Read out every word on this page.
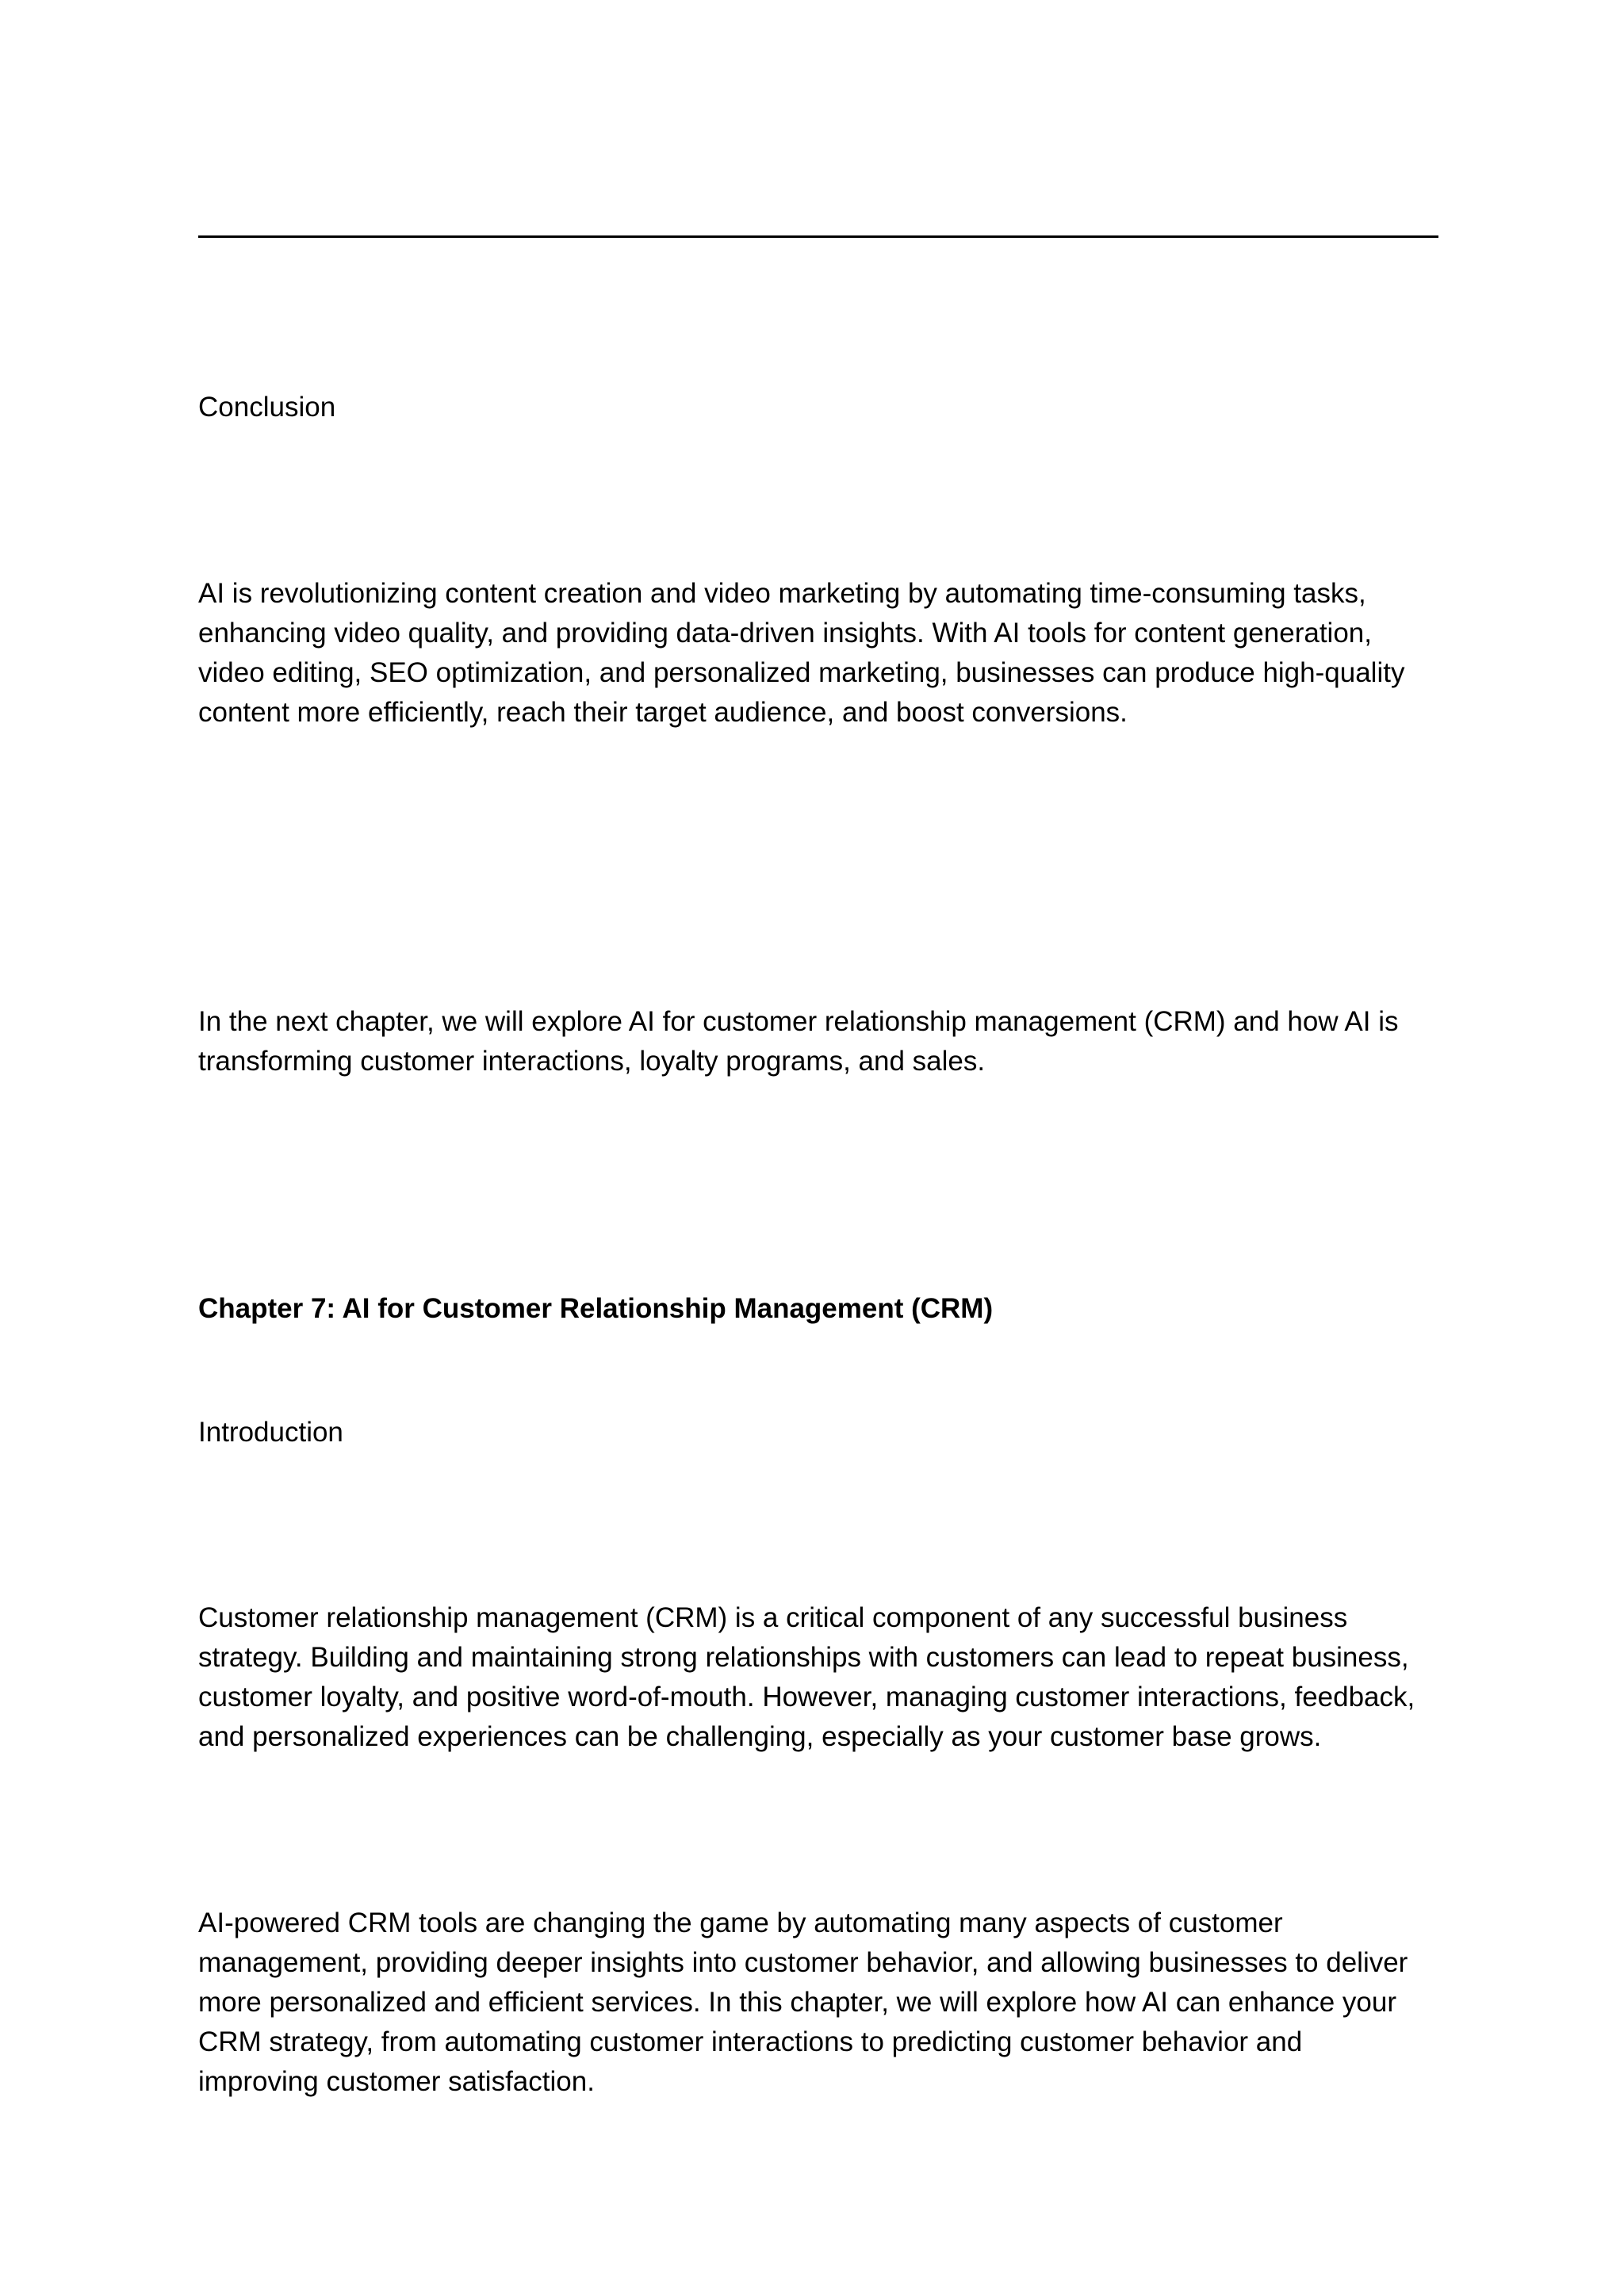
Conclusion
AI is revolutionizing content creation and video marketing by automating time-consuming tasks,
enhancing video quality, and providing data-driven insights. With AI tools for content generation,
video editing, SEO optimization, and personalized marketing, businesses can produce high-quality
content more efficiently, reach their target audience, and boost conversions.
In the next chapter, we will explore AI for customer relationship management (CRM) and how AI is
transforming customer interactions, loyalty programs, and sales.
Chapter 7: AI for Customer Relationship Management (CRM)
Introduction
Customer relationship management (CRM) is a critical component of any successful business
strategy. Building and maintaining strong relationships with customers can lead to repeat business,
customer loyalty, and positive word-of-mouth. However, managing customer interactions, feedback,
and personalized experiences can be challenging, especially as your customer base grows.
AI-powered CRM tools are changing the game by automating many aspects of customer
management, providing deeper insights into customer behavior, and allowing businesses to deliver
more personalized and efficient services. In this chapter, we will explore how AI can enhance your
CRM strategy, from automating customer interactions to predicting customer behavior and
improving customer satisfaction.
